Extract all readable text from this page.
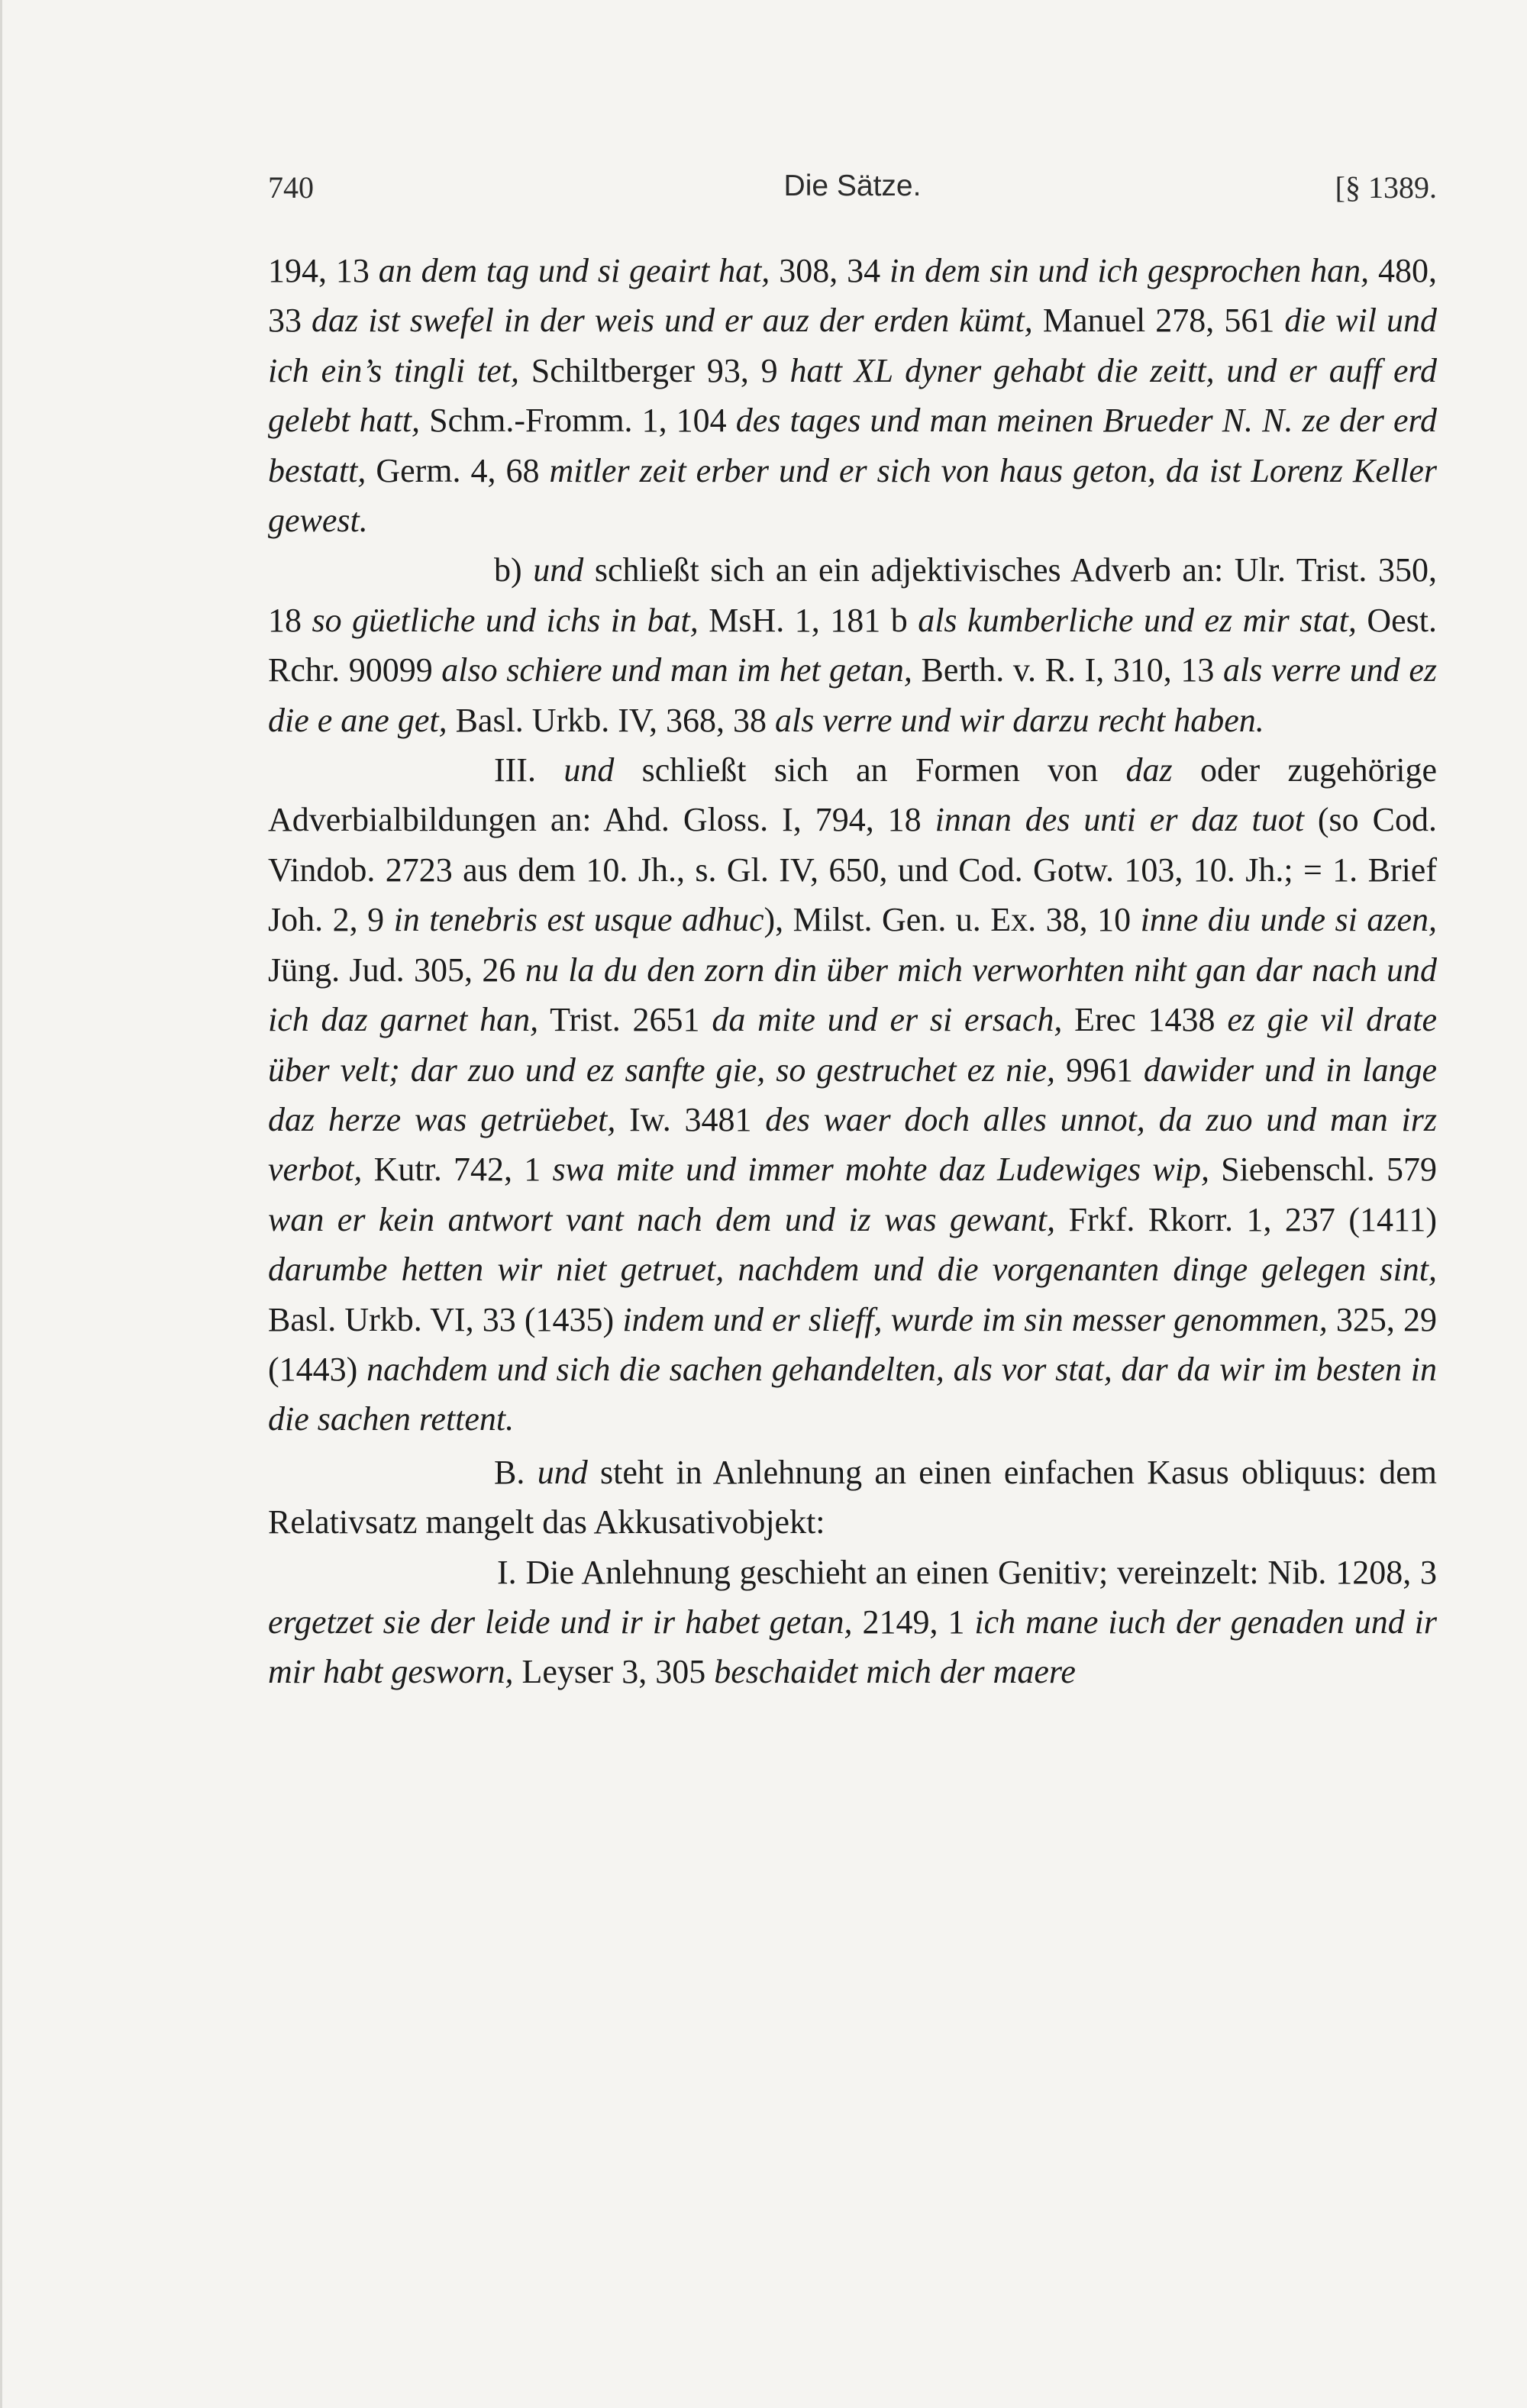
740	Die Sätze.	[§ 1389.

194, 13 an dem tag und si geairt hat, 308, 34 in dem sin und ich gesprochen han, 480, 33 daz ist swefel in der weis und er auz der erden kümt, Manuel 278, 561 die wil und ich ein’s tingli tet, Schiltberger 93, 9 hatt XL dyner gehabt die zeitt, und er auff erd gelebt hatt, Schm.-Fromm. 1, 104 des tages und man meinen Brueder N. N. ze der erd bestatt, Germ. 4, 68 mitler zeit erber und er sich von haus geton, da ist Lorenz Keller gewest.

b) und schließt sich an ein adjektivisches Adverb an: Ulr. Trist. 350, 18 so güetliche und ichs in bat, MsH. 1, 181 b als kumberliche und ez mir stat, Oest. Rchr. 90099 also schiere und man im het getan, Berth. v. R. I, 310, 13 als verre und ez die e ane get, Basl. Urkb. IV, 368, 38 als verre und wir darzu recht haben.

III. und schließt sich an Formen von daz oder zugehörige Adverbialbildungen an: Ahd. Gloss. I, 794, 18 innan des unti er daz tuot (so Cod. Vindob. 2723 aus dem 10. Jh., s. Gl. IV, 650, und Cod. Gotw. 103, 10. Jh.; = 1. Brief Joh. 2, 9 in tenebris est usque adhuc), Milst. Gen. u. Ex. 38, 10 inne diu unde si azen, Jüng. Jud. 305, 26 nu la du den zorn din über mich verworhten niht gan dar nach und ich daz garnet han, Trist. 2651 da mite und er si ersach, Erec 1438 ez gie vil drate über velt; dar zuo und ez sanfte gie, so gestruchet ez nie, 9961 dawider und in lange daz herze was getrüebet, Iw. 3481 des waer doch alles unnot, da zuo und man irz verbot, Kutr. 742, 1 swa mite und immer mohte daz Ludewiges wip, Siebenschl. 579 wan er kein antwort vant nach dem und iz was gewant, Frkf. Rkorr. 1, 237 (1411) darumbe hetten wir niet getruet, nachdem und die vorgenanten dinge gelegen sint, Basl. Urkb. VI, 33 (1435) indem und er slieff, wurde im sin messer genommen, 325, 29 (1443) nachdem und sich die sachen gehandelten, als vor stat, dar da wir im besten in die sachen rettent.

B. und steht in Anlehnung an einen einfachen Kasus obliquus: dem Relativsatz mangelt das Akkusativobjekt:

I. Die Anlehnung geschieht an einen Genitiv; vereinzelt: Nib. 1208, 3 ergetzet sie der leide und ir ir habet getan, 2149, 1 ich mane iuch der genaden und ir mir habt gesworn, Leyser 3, 305 beschaidet mich der maere
